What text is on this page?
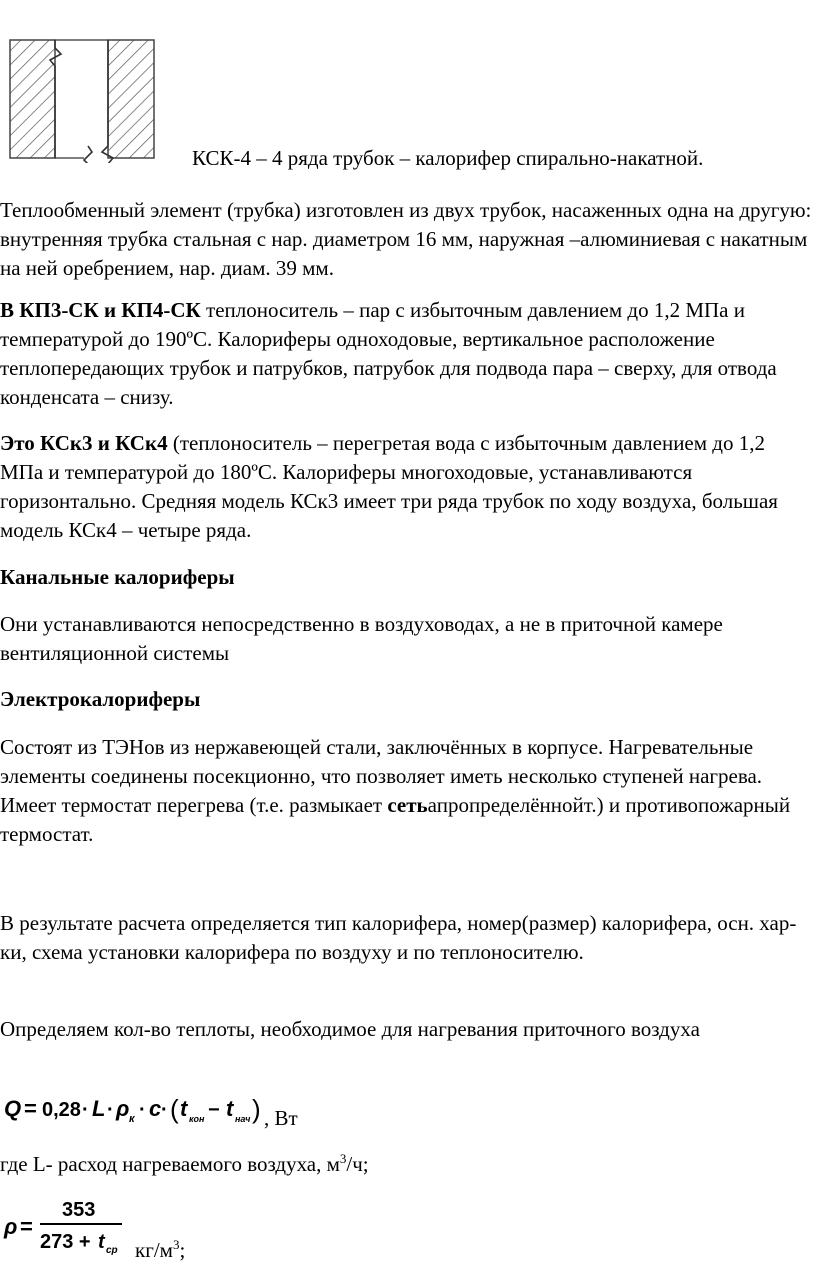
КСК-4 – 4 ряда трубок – калорифер спирально-накатной.

Теплообменный элемент (трубка) изготовлен из двух трубок, насаженных одна на другую: внутренняя трубка стальная с нар. диаметром 16 мм, наружная –алюминиевая с накатным на ней оребрением, нар. диам. 39 мм.

В КП3-СК и КП4-СК теплоноситель – пар с избыточным давлением до 1,2 МПа и температурой до 190ºС. Калориферы одноходовые, вертикальное расположение теплопередающих трубок и патрубков, патрубок для подвода пара – сверху, для отвода конденсата – снизу.

Это КСк3 и КСк4 (теплоноситель – перегретая вода с избыточным давлением до 1,2 МПа и температурой до 180ºС. Калориферы многоходовые, устанавливаются горизонтально. Средняя модель КСк3 имеет три ряда трубок по ходу воздуха, большая модель КСк4 – четыре ряда.

Канальные калориферы

Они устанавливаются непосредственно в воздуховодах, а не в приточной камере вентиляционной системы

Электрокалориферы

Состоят из ТЭНов из нержавеющей стали, заключённых в корпусе. Нагревательные элементы соединены посекционно, что позволяет иметь несколько ступеней нагрева. Имеет термостат перегрева (т.е. размыкает сетьапропределённойт.) и противопожарный термостат.

В результате расчета определяется тип калорифера, номер(размер) калорифера, осн. хар-ки, схема установки калорифера по воздуху и по теплоносителю.

Определяем кол-во теплоты, необходимое для нагревания приточного воздуха

Q = 0,28 · L · ρ к · c · ( t кон − t нач ) , Вт

где L- расход нагреваемого воздуха, $м^3/ч$;

ρ =
353
273 + t ср $кг/м^3$;
